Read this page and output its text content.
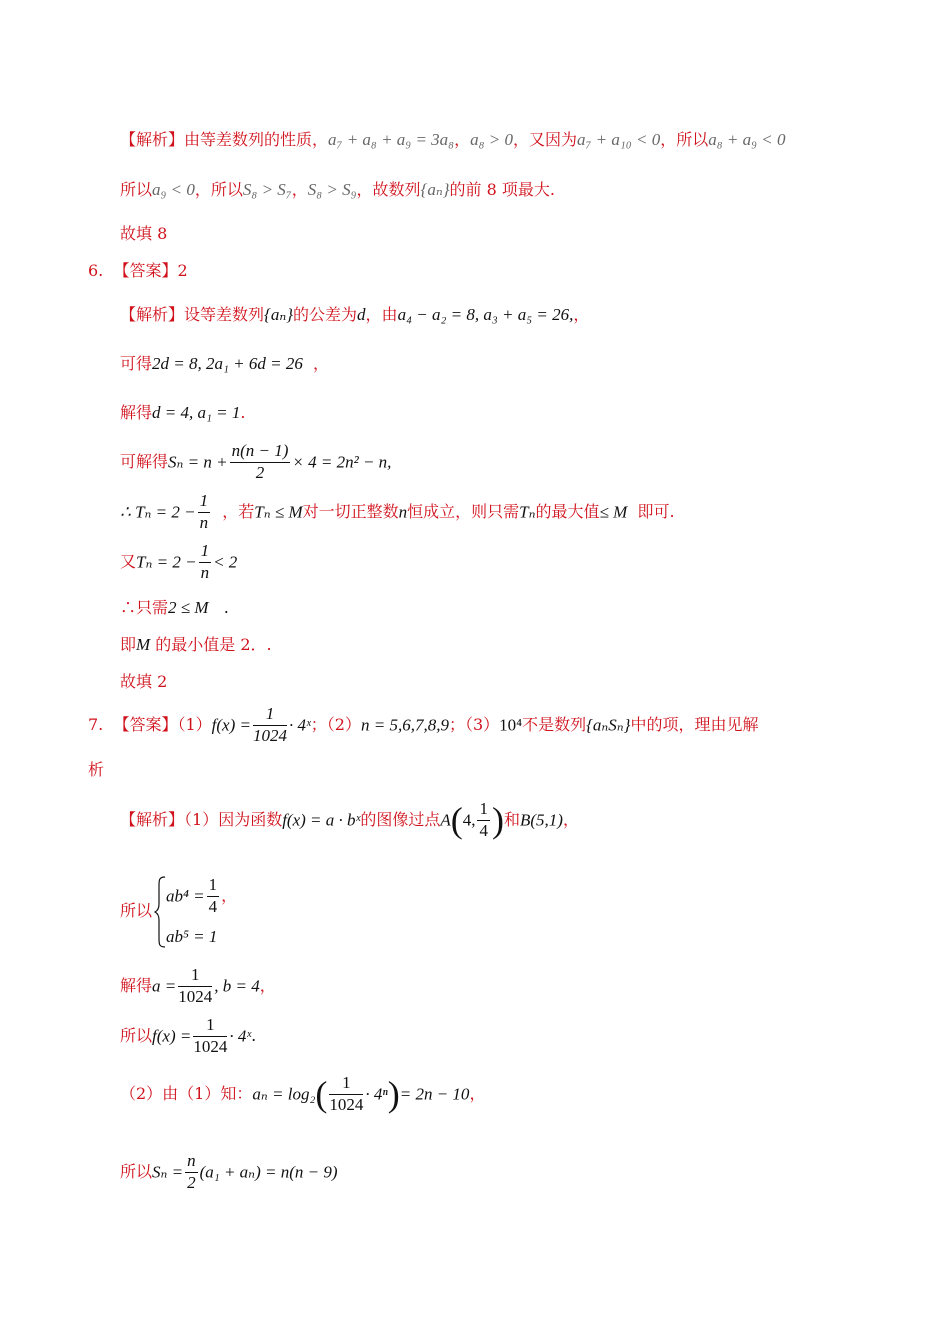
【解析】由等差数列的性质，a₇ + a₈ + a₉ = 3a₈，a₈ > 0，又因为a₇ + a₁₀ < 0，所以a₈ + a₉ < 0
所以a₉ < 0，所以S₈ > S₇，S₈ > S₉，故数列{aₙ}的前 8 项最大.
故填 8
6. 【答案】2
【解析】设等差数列{aₙ}的公差为d，由a₄ − a₂ = 8, a₃ + a₅ = 26,，
可得2d = 8, 2a₁ + 6d = 26 ，
解得d = 4, a₁ = 1.
可解得$S_n = n + \frac{n(n - 1)}{2} \times 4 = 2n^2 - n$,
∴ $T_n = 2 - \frac{1}{n}$ ，若Tₙ ≤ M对一切正整数n恒成立，则只需Tₙ的最大值≤ M 即可.
又$T_n = 2 - \frac{1}{n} < 2$
∴只需2 ≤ M .
即M 的最小值是 2．.
故填 2
7. 【答案】$(1)f(x) = \frac{1}{1024}$ · 4ˣ；（2）n = 5,6,7,8,9；（3）10⁴不是数列{aₙSₙ}中的项，理由见解
析
【解析】（1）因为函数f(x) = a · bˣ的图像过点A(4, $\frac{1}{4}$ )和B(5,1)，
所以
$ab^4 = \frac{1}{4}$ ，
ab⁵ = 1
解得$a = \frac{1}{1024}$ , b = 4，
所以$f(x) = \frac{1}{1024}$ · 4ˣ.
（2）由（1）知：$a_n = \log_2( \frac{1}{1024} \cdot 4^n)= 2n - 10$，
所以$S_n = \frac{n}{2} (a_1 + a_n) = n(n - 9)$
